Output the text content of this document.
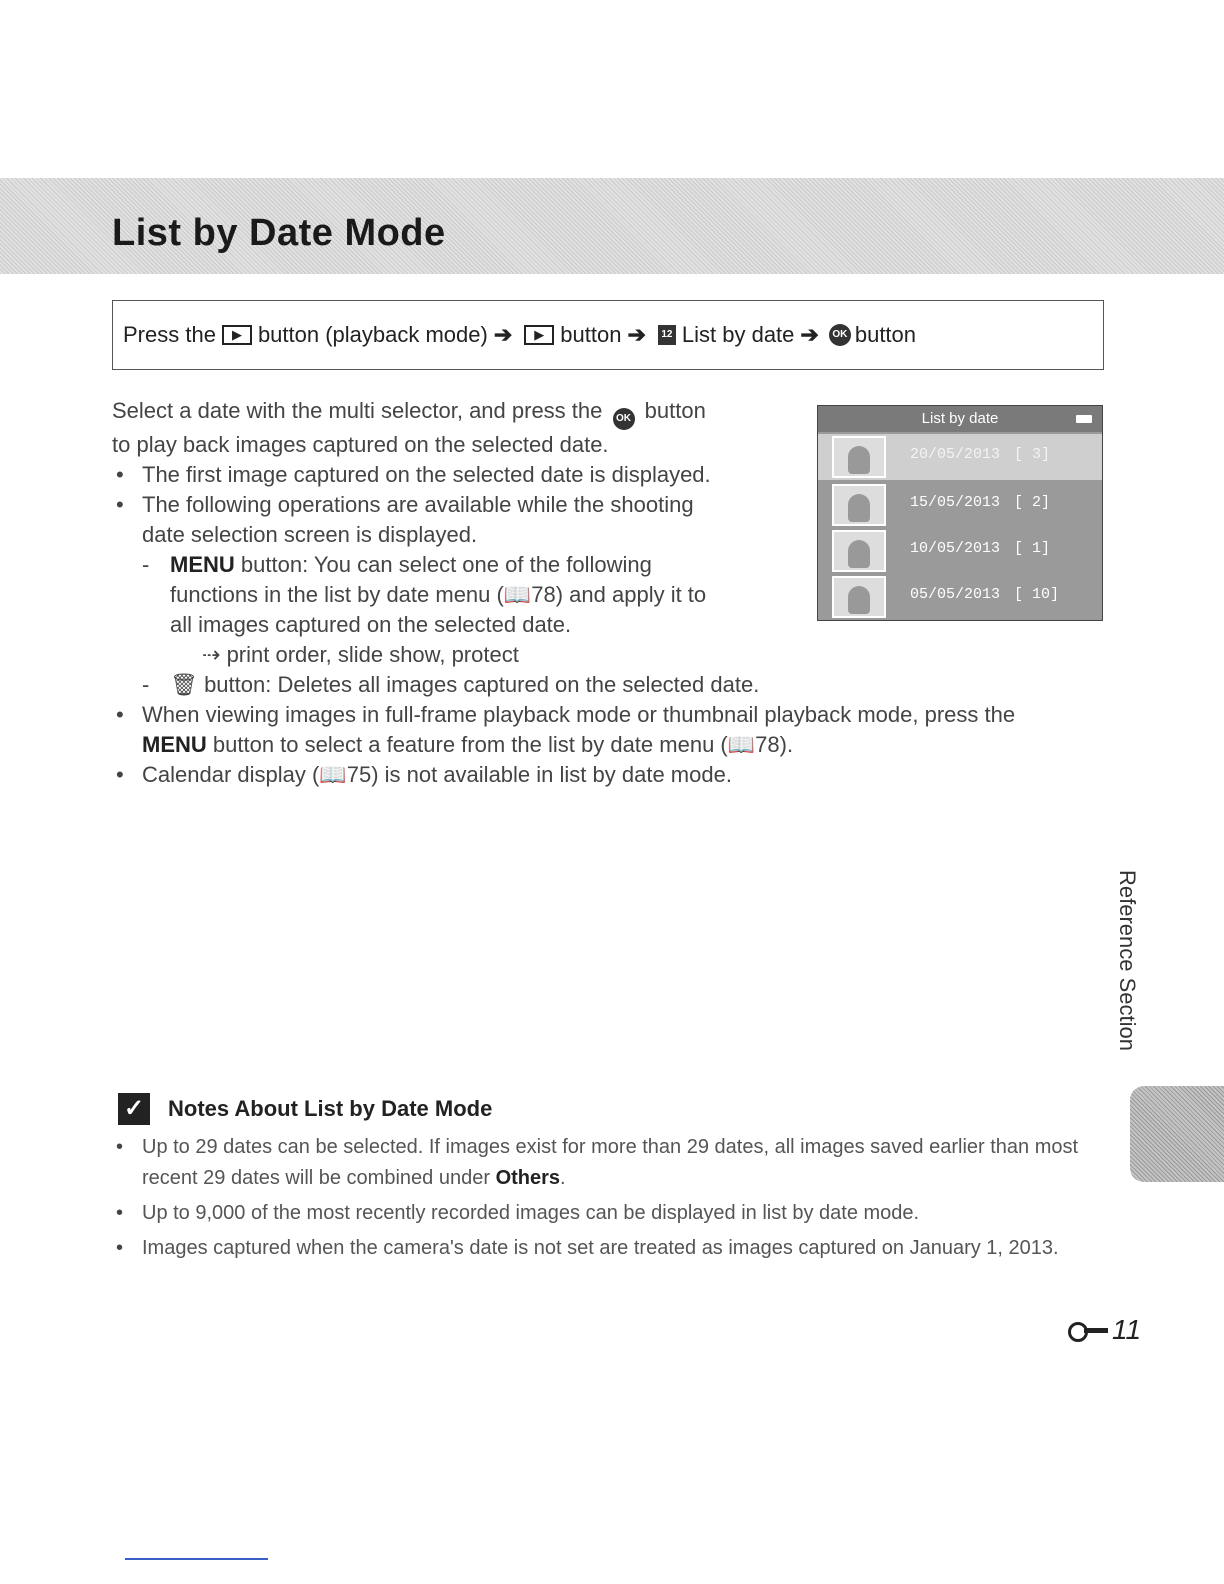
List by Date Mode
Press the	▶ button (playback mode) ➔	▶ button ➔	12 List by date ➔	OK button

Select a date with the multi selector, and press the OK button

to play back images captured on the selected date.

• The first image captured on the selected date is displayed.

• The following operations are available while the shooting
date selection screen is displayed.

- MENU button: You can select one of the following
functions in the list by date menu (📖78) and apply it to
all images captured on the selected date.

⇢ print order, slide show, protect

- 🗑 button: Deletes all images captured on the selected date.

• When viewing images in full-frame playback mode or thumbnail playback mode, press the
MENU button to select a feature from the list by date menu (📖78).

• Calendar display (📖75) is not available in list by date mode.

List by date
20/05/2013 [ 3]
15/05/2013 [ 2]
10/05/2013 [ 1]
05/05/2013 [ 10]
Reference Section
✓ Notes About List by Date Mode

• Up to 29 dates can be selected. If images exist for more than 29 dates, all images saved earlier than most recent 29 dates will be combined under Others.

• Up to 9,000 of the most recently recorded images can be displayed in list by date mode.

• Images captured when the camera's date is not set are treated as images captured on January 1, 2013.

11
